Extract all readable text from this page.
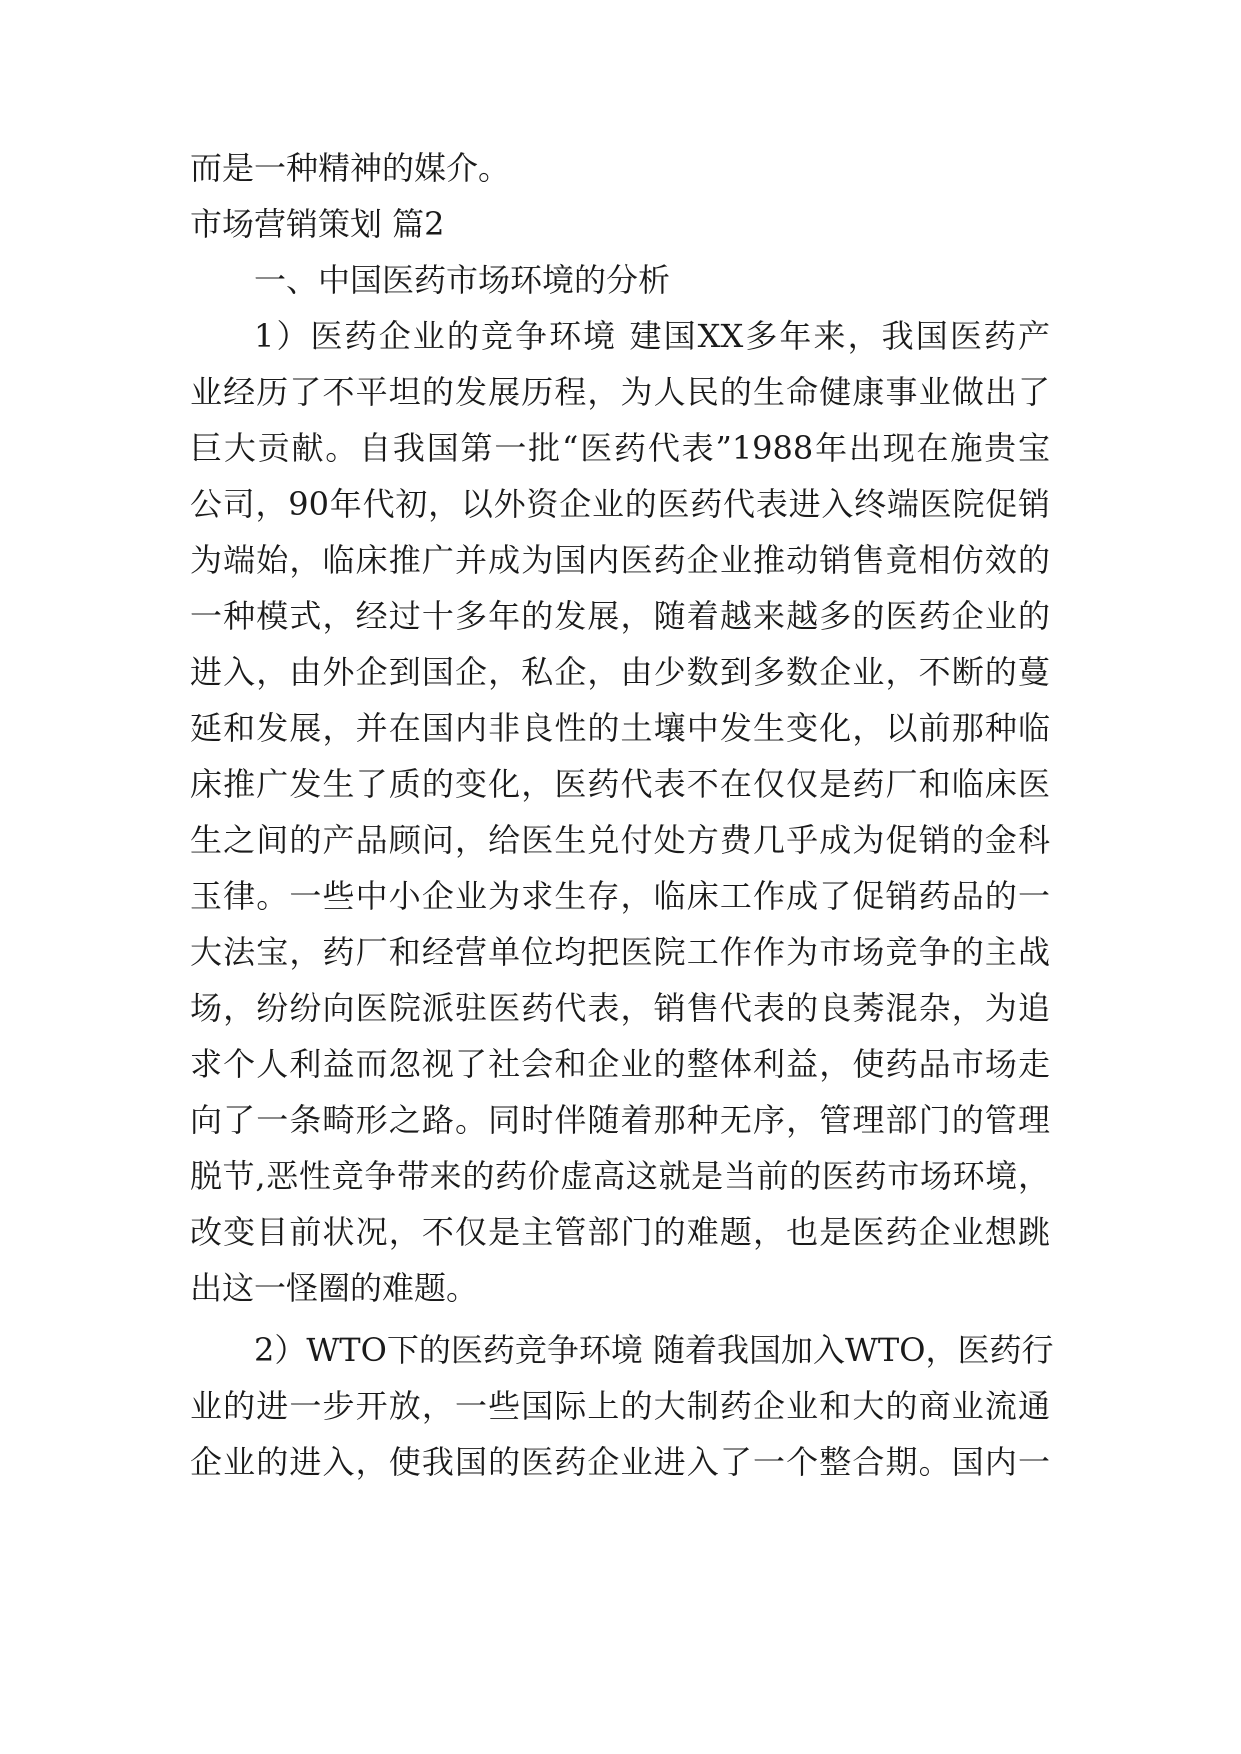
而是一种精神的媒介。
市场营销策划 篇2
一、中国医药市场环境的分析
1）医药企业的竞争环境 建国XX多年来，我国医药产
业经历了不平坦的发展历程，为人民的生命健康事业做出了
巨大贡献。自我国第一批“医药代表”1988年出现在施贵宝
公司，90年代初，以外资企业的医药代表进入终端医院促销
为端始，临床推广并成为国内医药企业推动销售竟相仿效的
一种模式，经过十多年的发展，随着越来越多的医药企业的
进入，由外企到国企，私企，由少数到多数企业，不断的蔓
延和发展，并在国内非良性的土壤中发生变化，以前那种临
床推广发生了质的变化，医药代表不在仅仅是药厂和临床医
生之间的产品顾问，给医生兑付处方费几乎成为促销的金科
玉律。一些中小企业为求生存，临床工作成了促销药品的一
大法宝，药厂和经营单位均把医院工作作为市场竞争的主战
场，纷纷向医院派驻医药代表，销售代表的良莠混杂，为追
求个人利益而忽视了社会和企业的整体利益，使药品市场走
向了一条畸形之路。同时伴随着那种无序，管理部门的管理
脱节,恶性竞争带来的药价虚高这就是当前的医药市场环境，
改变目前状况，不仅是主管部门的难题，也是医药企业想跳
出这一怪圈的难题。
2）WTO下的医药竞争环境 随着我国加入WTO，医药行
业的进一步开放，一些国际上的大制药企业和大的商业流通
企业的进入，使我国的医药企业进入了一个整合期。国内一
